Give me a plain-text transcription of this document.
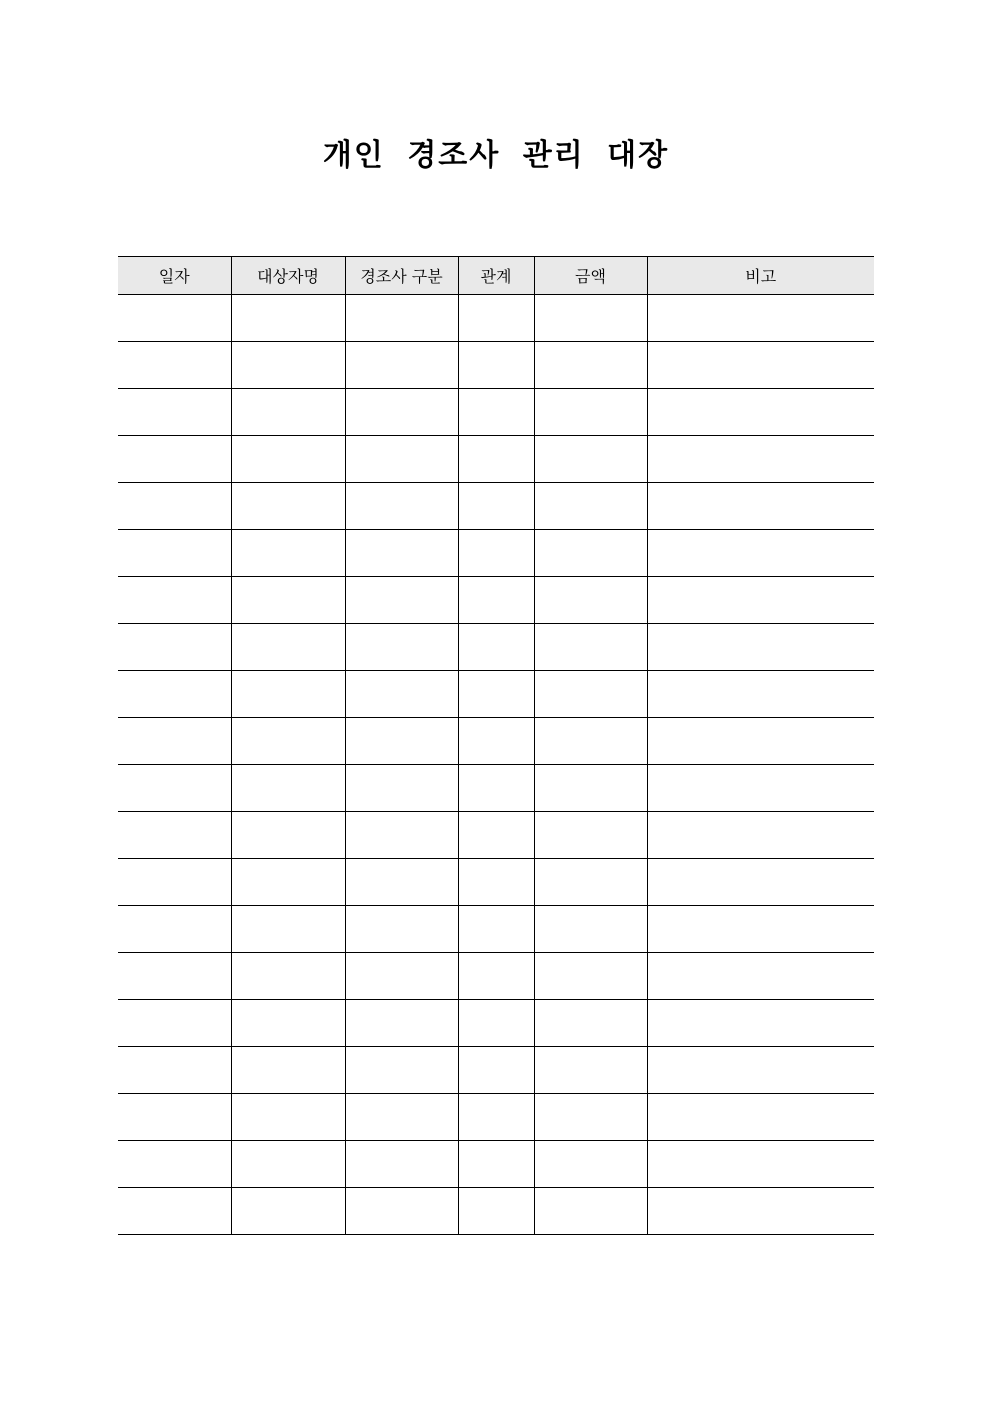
개인 경조사 관리 대장
일자	대상자명	경조사 구분	관계	금액	비고
